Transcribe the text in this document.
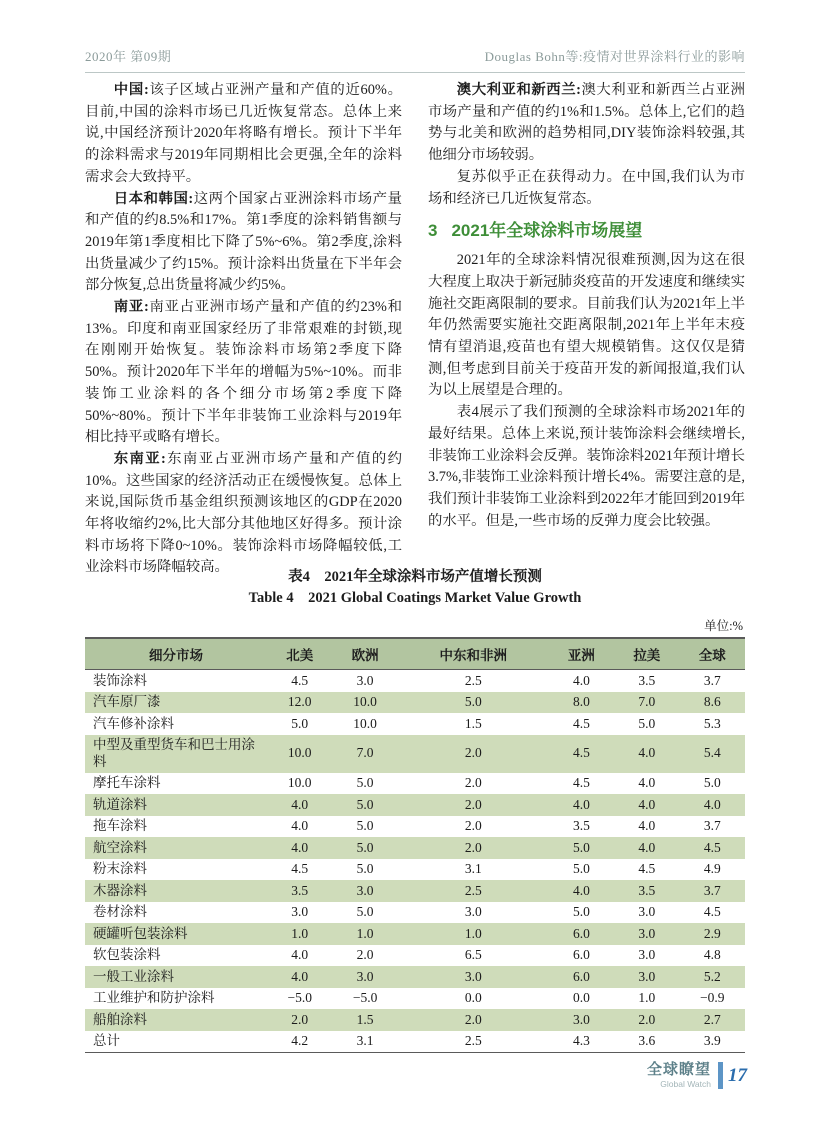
2020年 第09期	Douglas Bohn等:疫情对世界涂料行业的影响

中国:该子区域占亚洲产量和产值的近60%。目前,中国的涂料市场已几近恢复常态。总体上来说,中国经济预计2020年将略有增长。预计下半年的涂料需求与2019年同期相比会更强,全年的涂料需求会大致持平。

日本和韩国:这两个国家占亚洲涂料市场产量和产值的约8.5%和17%。第1季度的涂料销售额与2019年第1季度相比下降了5%~6%。第2季度,涂料出货量减少了约15%。预计涂料出货量在下半年会部分恢复,总出货量将减少约5%。

南亚:南亚占亚洲市场产量和产值的约23%和13%。印度和南亚国家经历了非常艰难的封锁,现在刚刚开始恢复。装饰涂料市场第2季度下降50%。预计2020年下半年的增幅为5%~10%。而非装饰工业涂料的各个细分市场第2季度下降50%~80%。预计下半年非装饰工业涂料与2019年相比持平或略有增长。

东南亚:东南亚占亚洲市场产量和产值的约10%。这些国家的经济活动正在缓慢恢复。总体上来说,国际货币基金组织预测该地区的GDP在2020年将收缩约2%,比大部分其他地区好得多。预计涂料市场将下降0~10%。装饰涂料市场降幅较低,工业涂料市场降幅较高。

澳大利亚和新西兰:澳大利亚和新西兰占亚洲市场产量和产值的约1%和1.5%。总体上,它们的趋势与北美和欧洲的趋势相同,DIY装饰涂料较强,其他细分市场较弱。

复苏似乎正在获得动力。在中国,我们认为市场和经济已几近恢复常态。

3 2021年全球涂料市场展望

2021年的全球涂料情况很难预测,因为这在很大程度上取决于新冠肺炎疫苗的开发速度和继续实施社交距离限制的要求。目前我们认为2021年上半年仍然需要实施社交距离限制,2021年上半年末疫情有望消退,疫苗也有望大规模销售。这仅仅是猜测,但考虑到目前关于疫苗开发的新闻报道,我们认为以上展望是合理的。

表4展示了我们预测的全球涂料市场2021年的最好结果。总体上来说,预计装饰涂料会继续增长,非装饰工业涂料会反弹。装饰涂料2021年预计增长3.7%,非装饰工业涂料预计增长4%。需要注意的是,我们预计非装饰工业涂料到2022年才能回到2019年的水平。但是,一些市场的反弹力度会比较强。

表4　2021年全球涂料市场产值增长预测
Table 4　2021 Global Coatings Market Value Growth
单位:%
细分市场	北美	欧洲	中东和非洲	亚洲	拉美	全球
装饰涂料	4.5	3.0	2.5	4.0	3.5	3.7
汽车原厂漆	12.0	10.0	5.0	8.0	7.0	8.6
汽车修补涂料	5.0	10.0	1.5	4.5	5.0	5.3
中型及重型货车和巴士用涂料	10.0	7.0	2.0	4.5	4.0	5.4
摩托车涂料	10.0	5.0	2.0	4.5	4.0	5.0
轨道涂料	4.0	5.0	2.0	4.0	4.0	4.0
拖车涂料	4.0	5.0	2.0	3.5	4.0	3.7
航空涂料	4.0	5.0	2.0	5.0	4.0	4.5
粉末涂料	4.5	5.0	3.1	5.0	4.5	4.9
木器涂料	3.5	3.0	2.5	4.0	3.5	3.7
卷材涂料	3.0	5.0	3.0	5.0	3.0	4.5
硬罐听包装涂料	1.0	1.0	1.0	6.0	3.0	2.9
软包装涂料	4.0	2.0	6.5	6.0	3.0	4.8
一般工业涂料	4.0	3.0	3.0	6.0	3.0	5.2
工业维护和防护涂料	−5.0	−5.0	0.0	0.0	1.0	−0.9
船舶涂料	2.0	1.5	2.0	3.0	2.0	2.7
总计	4.2	3.1	2.5	4.3	3.6	3.9
全球瞭望
Global Watch 17
